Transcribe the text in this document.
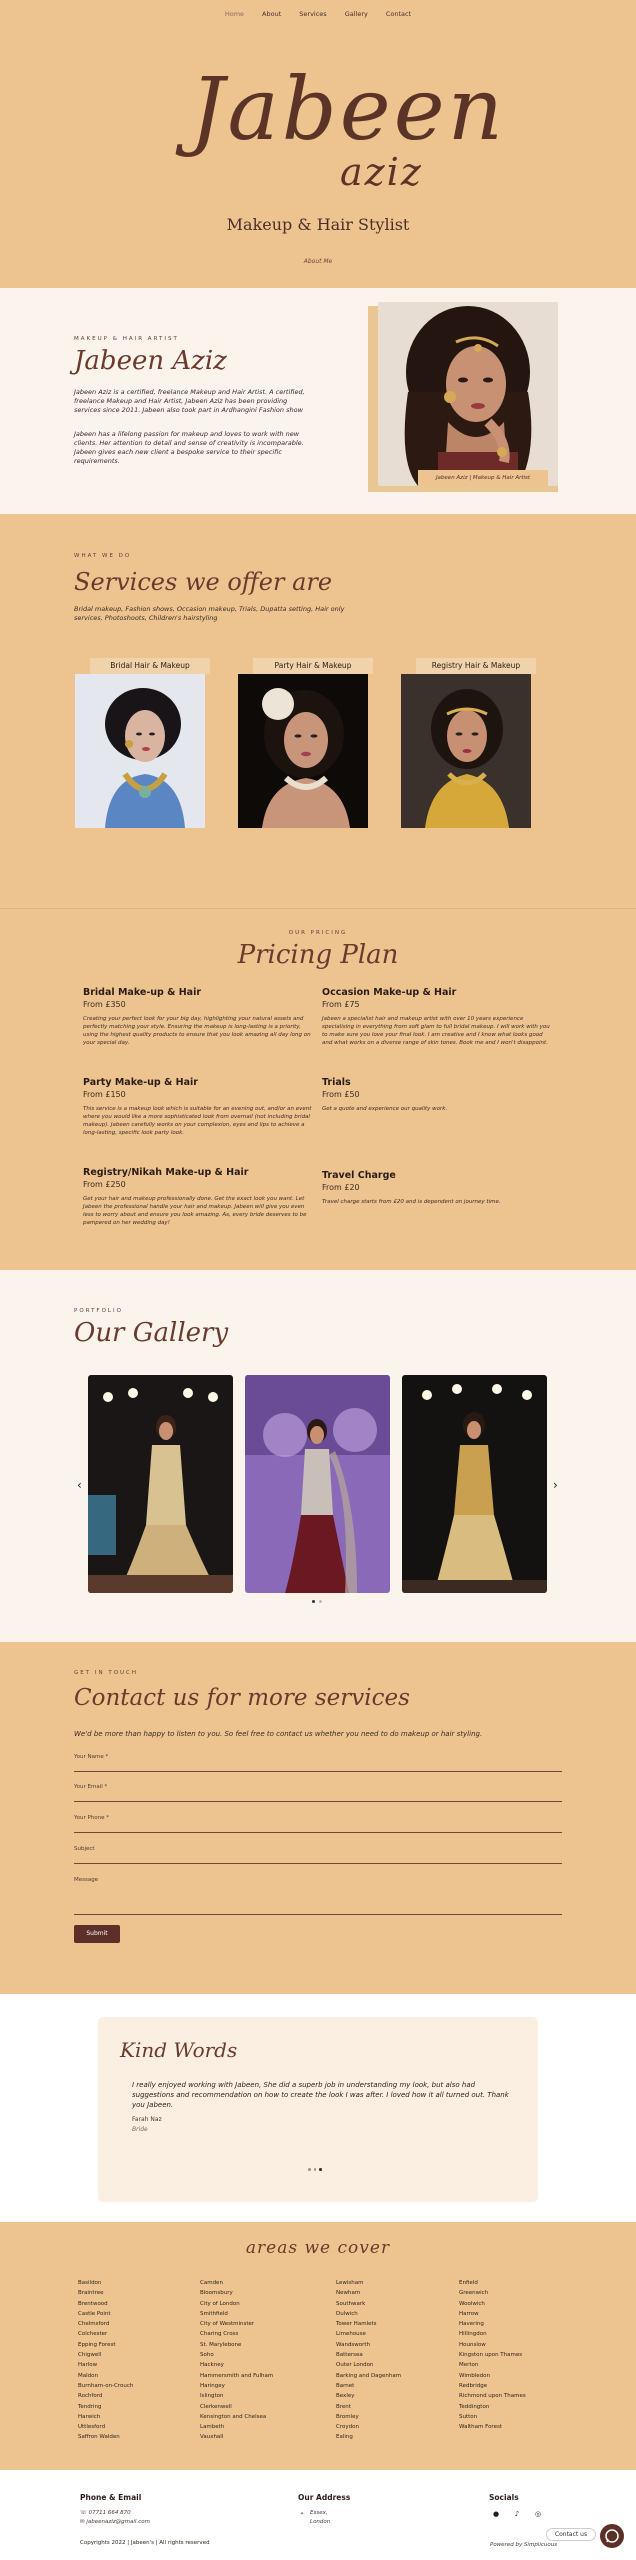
Home	About	Services	Gallery	Contact
Jabeen
aziz
Makeup & Hair Stylist
About Me
MAKEUP & HAIR ARTIST
Jabeen Aziz
Jabeen Aziz is a certified, freelance Makeup and Hair Artist. A certified, freelance Makeup and Hair Artist, Jabeen Aziz has been providing services since 2011. Jabeen also took part in Ardhangini Fashion show
Jabeen has a lifelong passion for makeup and loves to work with new clients. Her attention to detail and sense of creativity is incomparable. Jabeen gives each new client a bespoke service to their specific requirements.
Jabeen Aziz | Makeup & Hair Artist
WHAT WE DO
Services we offer are
Bridal makeup, Fashion shows, Occasion makeup, Trials, Dupatta setting, Hair only services, Photoshoots, Children's hairstyling
Bridal Hair & Makeup	Party Hair & Makeup	Registry Hair & Makeup
OUR PRICING
Pricing Plan
Bridal Make-up & Hair
From £350

Creating your perfect look for your big day, highlighting your natural assets and perfectly matching your style. Ensuring the makeup is long-lasting is a priority, using the highest quality products to ensure that you look amazing all day long on your special day.

Occasion Make-up & Hair
From £75

Jabeen a specialist hair and makeup artist with over 10 years experience specialising in everything from soft glam to full bridal makeup. I will work with you to make sure you love your final look. I am creative and I know what looks good and what works on a diverse range of skin tones. Book me and I won't disappoint.

Party Make-up & Hair
From £150

This service is a makeup look which is suitable for an evening out, and/or an event where you would like a more sophisticated look from overnail (not including bridal makeup). Jabeen carefully works on your complexion, eyes and lips to achieve a long-lasting, specific look party look.

Trials
From £50

Get a quote and experience our quality work.

Registry/Nikah Make-up & Hair
From £250

Get your hair and makeup professionally done. Get the exact look you want. Let Jabeen the professional handle your hair and makeup. Jabeen will give you even less to worry about and ensure you look amazing. As, every bride deserves to be pampered on her wedding day!

Travel Charge
From £20

Travel charge starts from £20 and is dependent on journey time.

PORTFOLIO
Our Gallery
‹	›
GET IN TOUCH
Contact us for more services
We'd be more than happy to listen to you. So feel free to contact us whether you need to do makeup or hair styling.
Your Name *
Your Email *
Your Phone *
Subject
Message
Submit
Kind Words
I really enjoyed working with Jabeen, She did a superb job in understanding my look, but also had suggestions and recommendation on how to create the look I was after. I loved how it all turned out. Thank you Jabeen.
Farah Naz
Bride
areas we cover
Basildon
Braintree
Brentwood
Castle Point
Chelmsford
Colchester
Epping Forest
Chigwell
Harlow
Maldon
Burnham-on-Crouch
Rochford
Tendring
Harwich
Uttlesford
Saffron Walden
Camden
Bloomsbury
City of London
Smithfield
City of Westminster
Charing Cross
St. Marylebone
Soho
Hackney
Hammersmith and Fulham
Haringey
Islington
Clerkenwell
Kensington and Chelsea
Lambeth
Vauxhall
Lewisham
Newham
Southwark
Dulwich
Tower Hamlets
Limehouse
Wandsworth
Battersea
Outer London
Barking and Dagenham
Barnet
Bexley
Brent
Bromley
Croydon
Ealing
Enfield
Greenwich
Woolwich
Harrow
Havering
Hillingdon
Hounslow
Kingston upon Thames
Merton
Wimbledon
Redbridge
Richmond upon Thames
Teddington
Sutton
Waltham Forest
Phone & Email
☏ 07711 664 870
✉ jabeenaziz@gmail.com
Our Address
⌖ Essex,
London
Socials
●	♪	◎
Copyrights 2022 | Jabeen's | All rights reserved	Powered by Simplicuous
Contact us
